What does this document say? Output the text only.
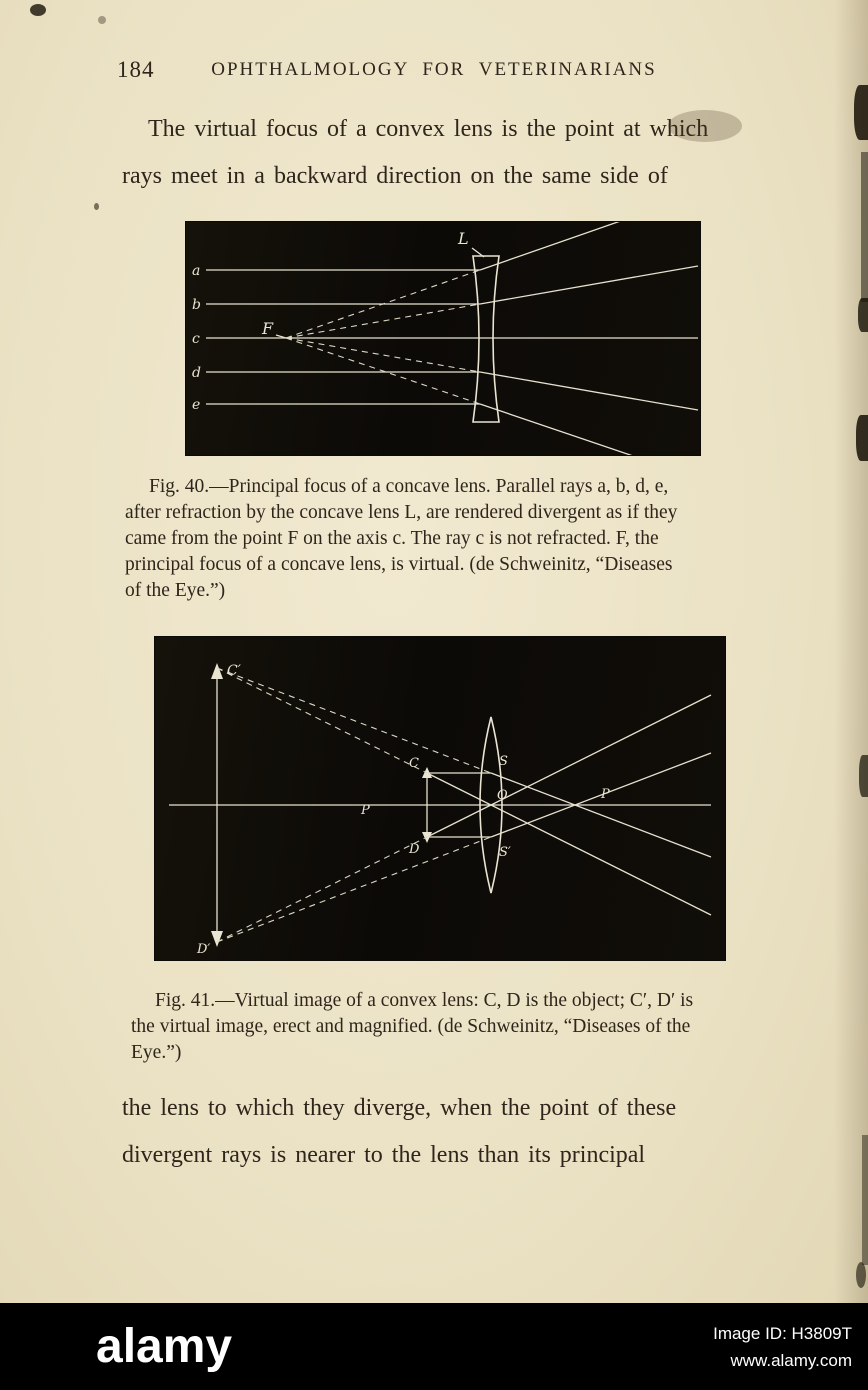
184	OPHTHALMOLOGY FOR VETERINARIANS

The virtual focus of a convex lens is the point at which
rays meet in a backward direction on the same side of

a
b
c
d
e
F
L
Fig. 40.—Principal focus of a concave lens. Parallel rays a, b, d, e,
after refraction by the concave lens L, are rendered divergent as if they
came from the point F on the axis c. The ray c is not refracted. F, the
principal focus of a concave lens, is virtual. (de Schweinitz, “Diseases
of the Eye.”)
C′
D′
C
D
O
S
S′
P
P
Fig. 41.—Virtual image of a convex lens: C, D is the object; C′, D′ is
the virtual image, erect and magnified. (de Schweinitz, “Diseases of the
Eye.”)

the lens to which they diverge, when the point of these
divergent rays is nearer to the lens than its principal

alamy	Image ID: H3809T
www.alamy.com
